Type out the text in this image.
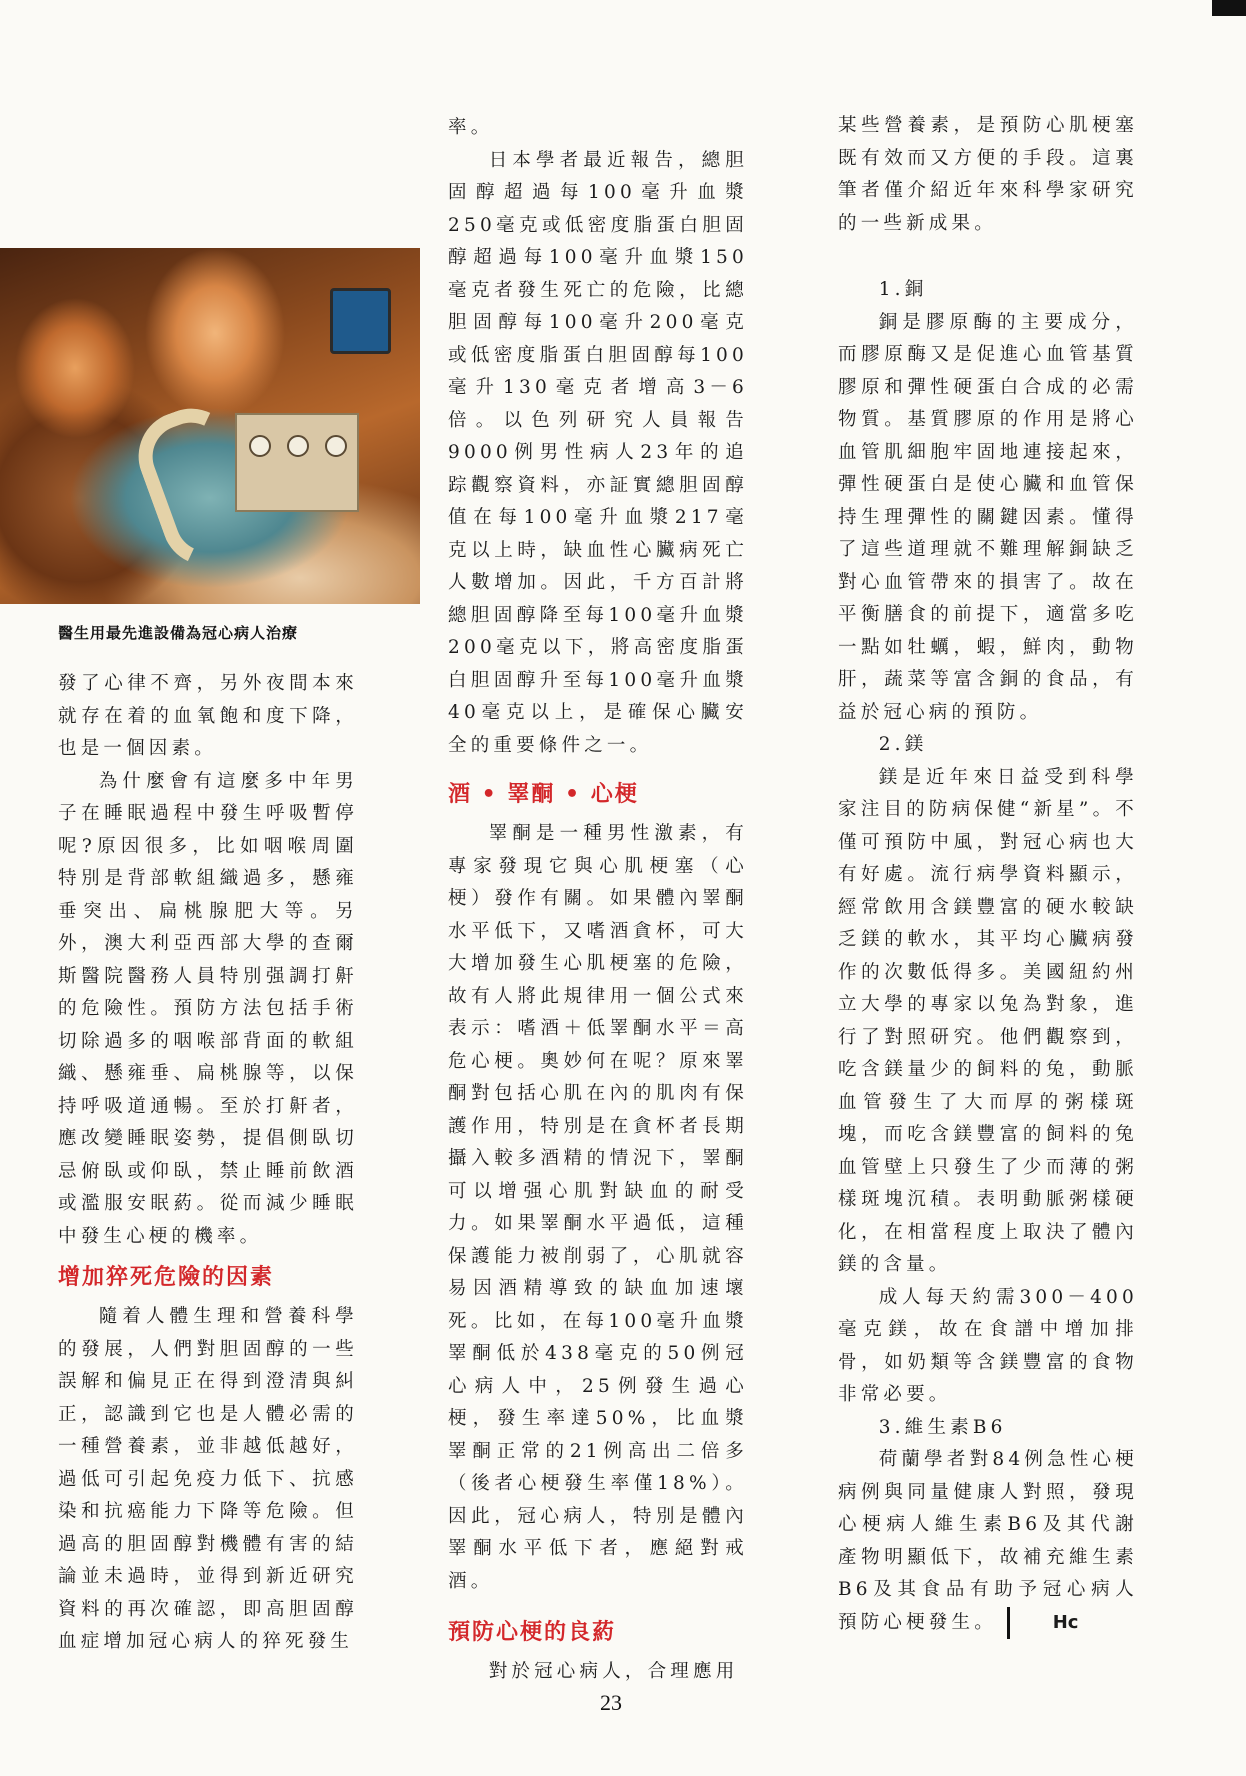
醫生用最先進設備為冠心病人治療

發了心律不齊，另外夜間本來就存在着的血氧飽和度下降，也是一個因素。

為什麼會有這麼多中年男子在睡眠過程中發生呼吸暫停呢?原因很多，比如咽喉周圍特別是背部軟組織過多，懸雍垂突出、扁桃腺肥大等。另外，澳大利亞西部大學的查爾斯醫院醫務人員特別强調打鼾的危險性。預防方法包括手術切除過多的咽喉部背面的軟組織、懸雍垂、扁桃腺等，以保持呼吸道通暢。至於打鼾者，應改變睡眠姿勢，提倡側臥切忌俯臥或仰臥，禁止睡前飲酒或濫服安眠葯。從而減少睡眠中發生心梗的機率。

增加猝死危險的因素

隨着人體生理和營養科學的發展，人們對胆固醇的一些誤解和偏見正在得到澄清與糾正，認識到它也是人體必需的一種營養素，並非越低越好，過低可引起免疫力低下、抗感染和抗癌能力下降等危險。但過高的胆固醇對機體有害的結論並未過時，並得到新近研究資料的再次確認，即高胆固醇血症增加冠心病人的猝死發生

率。

日本學者最近報告，總胆固醇超過每100毫升血漿250毫克或低密度脂蛋白胆固醇超過每100毫升血漿150毫克者發生死亡的危險，比總胆固醇每100毫升200毫克或低密度脂蛋白胆固醇每100毫升130毫克者增高3－6倍。以色列研究人員報告9000例男性病人23年的追踪觀察資料，亦証實總胆固醇值在每100毫升血漿217毫克以上時，缺血性心臟病死亡人數增加。因此，千方百計將總胆固醇降至每100毫升血漿200毫克以下，將高密度脂蛋白胆固醇升至每100毫升血漿40毫克以上，是確保心臟安全的重要條件之一。

酒 • 睪酮 • 心梗

睪酮是一種男性激素，有專家發現它與心肌梗塞（心梗）發作有關。如果體內睪酮水平低下，又嗜酒貪杯，可大大增加發生心肌梗塞的危險，故有人將此規律用一個公式來表示：嗜酒＋低睪酮水平＝高危心梗。奧妙何在呢？原來睪酮對包括心肌在內的肌肉有保護作用，特別是在貪杯者長期攝入較多酒精的情況下，睪酮可以增强心肌對缺血的耐受力。如果睪酮水平過低，這種保護能力被削弱了，心肌就容易因酒精導致的缺血加速壞死。比如，在每100毫升血漿睪酮低於438毫克的50例冠心病人中，25例發生過心梗，發生率達50%，比血漿睪酮正常的21例高出二倍多（後者心梗發生率僅18%）。因此，冠心病人，特別是體內睪酮水平低下者，應絕對戒酒。

預防心梗的良葯

對於冠心病人，合理應用

某些營養素，是預防心肌梗塞既有效而又方便的手段。這裏筆者僅介紹近年來科學家研究的一些新成果。

1.銅

銅是膠原酶的主要成分，而膠原酶又是促進心血管基質膠原和彈性硬蛋白合成的必需物質。基質膠原的作用是將心血管肌細胞牢固地連接起來，彈性硬蛋白是使心臟和血管保持生理彈性的關鍵因素。懂得了這些道理就不難理解銅缺乏對心血管帶來的損害了。故在平衡膳食的前提下，適當多吃一點如牡蠣，蝦，鮮肉，動物肝，蔬菜等富含銅的食品，有益於冠心病的預防。

2.鎂

鎂是近年來日益受到科學家注目的防病保健“新星”。不僅可預防中風，對冠心病也大有好處。流行病學資料顯示，經常飲用含鎂豐富的硬水較缺乏鎂的軟水，其平均心臟病發作的次數低得多。美國紐約州立大學的專家以兔為對象，進行了對照研究。他們觀察到，吃含鎂量少的飼料的兔，動脈血管發生了大而厚的粥樣斑塊，而吃含鎂豐富的飼料的兔血管壁上只發生了少而薄的粥樣斑塊沉積。表明動脈粥樣硬化，在相當程度上取決了體內鎂的含量。

成人每天約需300－400毫克鎂，故在食譜中增加排骨，如奶類等含鎂豐富的食物非常必要。

3.維生素B6

荷蘭學者對84例急性心梗病例與同量健康人對照，發現心梗病人維生素B6及其代謝產物明顯低下，故補充維生素B6及其食品有助予冠心病人預防心梗發生。	Hc

23
